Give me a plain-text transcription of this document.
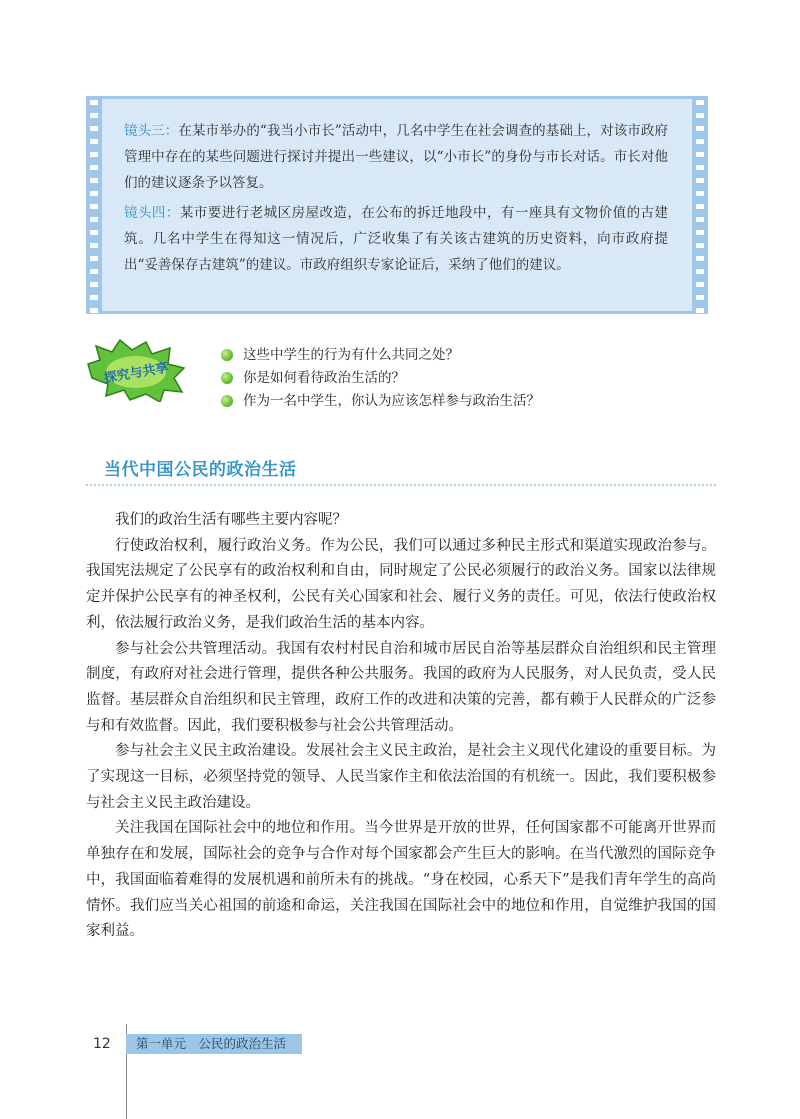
镜头三：在某市举办的“我当小市长”活动中，几名中学生在社会调查的基础上，对该市政府管理中存在的某些问题进行探讨并提出一些建议，以“小市长”的身份与市长对话。市长对他们的建议逐条予以答复。

镜头四：某市要进行老城区房屋改造，在公布的拆迁地段中，有一座具有文物价值的古建筑。几名中学生在得知这一情况后，广泛收集了有关该古建筑的历史资料，向市政府提出“妥善保存古建筑”的建议。市政府组织专家论证后，采纳了他们的建议。

探究与共享
这些中学生的行为有什么共同之处？
你是如何看待政治生活的？
作为一名中学生，你认为应该怎样参与政治生活？
当代中国公民的政治生活

我们的政治生活有哪些主要内容呢？

行使政治权利，履行政治义务。作为公民，我们可以通过多种民主形式和渠道实现政治参与。我国宪法规定了公民享有的政治权利和自由，同时规定了公民必须履行的政治义务。国家以法律规定并保护公民享有的神圣权利，公民有关心国家和社会、履行义务的责任。可见，依法行使政治权利，依法履行政治义务，是我们政治生活的基本内容。

参与社会公共管理活动。我国有农村村民自治和城市居民自治等基层群众自治组织和民主管理制度，有政府对社会进行管理，提供各种公共服务。我国的政府为人民服务，对人民负责，受人民监督。基层群众自治组织和民主管理，政府工作的改进和决策的完善，都有赖于人民群众的广泛参与和有效监督。因此，我们要积极参与社会公共管理活动。

参与社会主义民主政治建设。发展社会主义民主政治，是社会主义现代化建设的重要目标。为了实现这一目标，必须坚持党的领导、人民当家作主和依法治国的有机统一。因此，我们要积极参与社会主义民主政治建设。

关注我国在国际社会中的地位和作用。当今世界是开放的世界，任何国家都不可能离开世界而单独存在和发展，国际社会的竞争与合作对每个国家都会产生巨大的影响。在当代激烈的国际竞争中，我国面临着难得的发展机遇和前所未有的挑战。“身在校园，心系天下”是我们青年学生的高尚情怀。我们应当关心祖国的前途和命运，关注我国在国际社会中的地位和作用，自觉维护我国的国家利益。

12	第一单元　公民的政治生活
